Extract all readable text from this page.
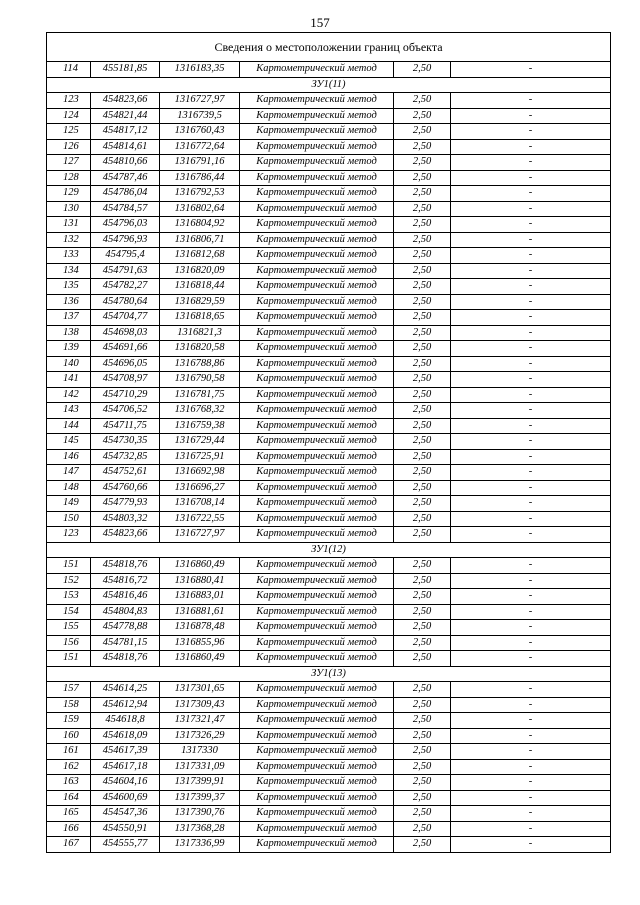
157
Сведения о местоположении границ объекта					
114	455181,85	1316183,35	Картометрический метод	2,50	-
ЗУ1(11)					
123	454823,66	1316727,97	Картометрический метод	2,50	-
124	454821,44	1316739,5	Картометрический метод	2,50	-
125	454817,12	1316760,43	Картометрический метод	2,50	-
126	454814,61	1316772,64	Картометрический метод	2,50	-
127	454810,66	1316791,16	Картометрический метод	2,50	-
128	454787,46	1316786,44	Картометрический метод	2,50	-
129	454786,04	1316792,53	Картометрический метод	2,50	-
130	454784,57	1316802,64	Картометрический метод	2,50	-
131	454796,03	1316804,92	Картометрический метод	2,50	-
132	454796,93	1316806,71	Картометрический метод	2,50	-
133	454795,4	1316812,68	Картометрический метод	2,50	-
134	454791,63	1316820,09	Картометрический метод	2,50	-
135	454782,27	1316818,44	Картометрический метод	2,50	-
136	454780,64	1316829,59	Картометрический метод	2,50	-
137	454704,77	1316818,65	Картометрический метод	2,50	-
138	454698,03	1316821,3	Картометрический метод	2,50	-
139	454691,66	1316820,58	Картометрический метод	2,50	-
140	454696,05	1316788,86	Картометрический метод	2,50	-
141	454708,97	1316790,58	Картометрический метод	2,50	-
142	454710,29	1316781,75	Картометрический метод	2,50	-
143	454706,52	1316768,32	Картометрический метод	2,50	-
144	454711,75	1316759,38	Картометрический метод	2,50	-
145	454730,35	1316729,44	Картометрический метод	2,50	-
146	454732,85	1316725,91	Картометрический метод	2,50	-
147	454752,61	1316692,98	Картометрический метод	2,50	-
148	454760,66	1316696,27	Картометрический метод	2,50	-
149	454779,93	1316708,14	Картометрический метод	2,50	-
150	454803,32	1316722,55	Картометрический метод	2,50	-
123	454823,66	1316727,97	Картометрический метод	2,50	-
ЗУ1(12)					
151	454818,76	1316860,49	Картометрический метод	2,50	-
152	454816,72	1316880,41	Картометрический метод	2,50	-
153	454816,46	1316883,01	Картометрический метод	2,50	-
154	454804,83	1316881,61	Картометрический метод	2,50	-
155	454778,88	1316878,48	Картометрический метод	2,50	-
156	454781,15	1316855,96	Картометрический метод	2,50	-
151	454818,76	1316860,49	Картометрический метод	2,50	-
ЗУ1(13)					
157	454614,25	1317301,65	Картометрический метод	2,50	-
158	454612,94	1317309,43	Картометрический метод	2,50	-
159	454618,8	1317321,47	Картометрический метод	2,50	-
160	454618,09	1317326,29	Картометрический метод	2,50	-
161	454617,39	1317330	Картометрический метод	2,50	-
162	454617,18	1317331,09	Картометрический метод	2,50	-
163	454604,16	1317399,91	Картометрический метод	2,50	-
164	454600,69	1317399,37	Картометрический метод	2,50	-
165	454547,36	1317390,76	Картометрический метод	2,50	-
166	454550,91	1317368,28	Картометрический метод	2,50	-
167	454555,77	1317336,99	Картометрический метод	2,50	-
